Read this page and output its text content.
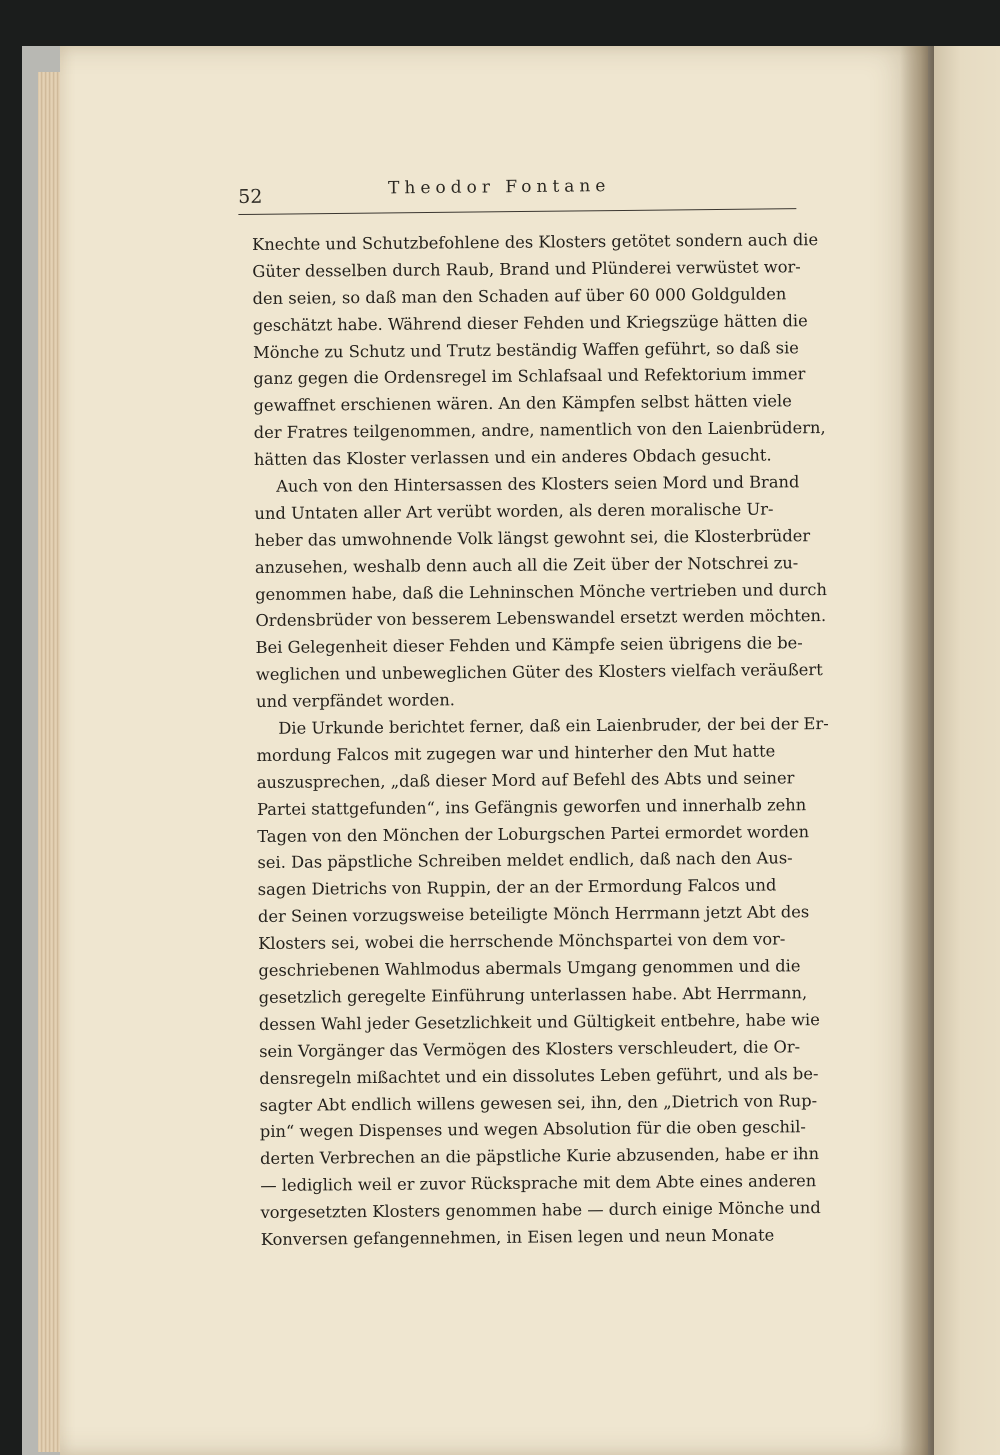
52	Theodor Fontane
Knechte und Schutzbefohlene des Klosters getötet sondern auch die
Güter desselben durch Raub, Brand und Plünderei verwüstet wor-
den seien, so daß man den Schaden auf über 60 000 Goldgulden
geschätzt habe. Während dieser Fehden und Kriegszüge hätten die
Mönche zu Schutz und Trutz beständig Waffen geführt, so daß sie
ganz gegen die Ordensregel im Schlafsaal und Refektorium immer
gewaffnet erschienen wären. An den Kämpfen selbst hätten viele
der Fratres teilgenommen, andre, namentlich von den Laienbrüdern,
hätten das Kloster verlassen und ein anderes Obdach gesucht.
Auch von den Hintersassen des Klosters seien Mord und Brand
und Untaten aller Art verübt worden, als deren moralische Ur-
heber das umwohnende Volk längst gewohnt sei, die Klosterbrüder
anzusehen, weshalb denn auch all die Zeit über der Notschrei zu-
genommen habe, daß die Lehninschen Mönche vertrieben und durch
Ordensbrüder von besserem Lebenswandel ersetzt werden möchten.
Bei Gelegenheit dieser Fehden und Kämpfe seien übrigens die be-
weglichen und unbeweglichen Güter des Klosters vielfach veräußert
und verpfändet worden.
Die Urkunde berichtet ferner, daß ein Laienbruder, der bei der Er-
mordung Falcos mit zugegen war und hinterher den Mut hatte
auszusprechen, „daß dieser Mord auf Befehl des Abts und seiner
Partei stattgefunden“, ins Gefängnis geworfen und innerhalb zehn
Tagen von den Mönchen der Loburgschen Partei ermordet worden
sei. Das päpstliche Schreiben meldet endlich, daß nach den Aus-
sagen Dietrichs von Ruppin, der an der Ermordung Falcos und
der Seinen vorzugsweise beteiligte Mönch Herrmann jetzt Abt des
Klosters sei, wobei die herrschende Mönchspartei von dem vor-
geschriebenen Wahlmodus abermals Umgang genommen und die
gesetzlich geregelte Einführung unterlassen habe. Abt Herrmann,
dessen Wahl jeder Gesetzlichkeit und Gültigkeit entbehre, habe wie
sein Vorgänger das Vermögen des Klosters verschleudert, die Or-
densregeln mißachtet und ein dissolutes Leben geführt, und als be-
sagter Abt endlich willens gewesen sei, ihn, den „Dietrich von Rup-
pin“ wegen Dispenses und wegen Absolution für die oben geschil-
derten Verbrechen an die päpstliche Kurie abzusenden, habe er ihn
— lediglich weil er zuvor Rücksprache mit dem Abte eines anderen
vorgesetzten Klosters genommen habe — durch einige Mönche und
Konversen gefangennehmen, in Eisen legen und neun Monate
